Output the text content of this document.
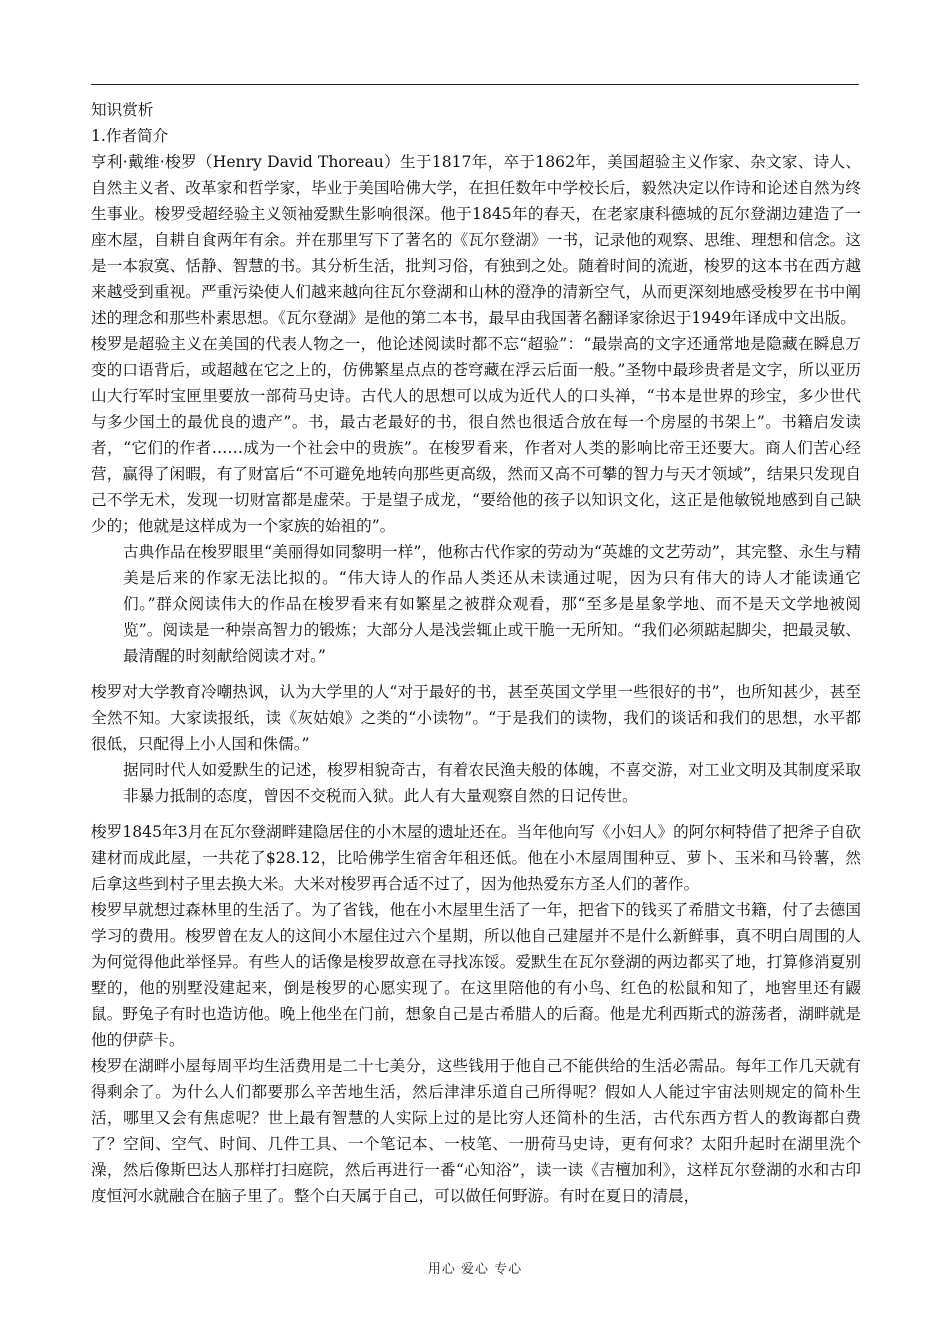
知识赏析

1.作者简介

亨利·戴维·梭罗（Henry David Thoreau）生于1817年，卒于1862年，美国超验主义作家、杂文家、诗人、自然主义者、改革家和哲学家，毕业于美国哈佛大学，在担任数年中学校长后，毅然决定以作诗和论述自然为终生事业。梭罗受超经验主义领袖爱默生影响很深。他于1845年的春天，在老家康科德城的瓦尔登湖边建造了一座木屋，自耕自食两年有余。并在那里写下了著名的《瓦尔登湖》一书，记录他的观察、思维、理想和信念。这是一本寂寞、恬静、智慧的书。其分析生活，批判习俗，有独到之处。随着时间的流逝，梭罗的这本书在西方越来越受到重视。严重污染使人们越来越向往瓦尔登湖和山林的澄净的清新空气，从而更深刻地感受梭罗在书中阐述的理念和那些朴素思想。《瓦尔登湖》是他的第二本书，最早由我国著名翻译家徐迟于1949年译成中文出版。

梭罗是超验主义在美国的代表人物之一，他论述阅读时都不忘“超验”：“最崇高的文字还通常地是隐藏在瞬息万变的口语背后，或超越在它之上的，仿佛繁星点点的苍穹藏在浮云后面一般。”圣物中最珍贵者是文字，所以亚历山大行军时宝匣里要放一部荷马史诗。古代人的思想可以成为近代人的口头禅，“书本是世界的珍宝，多少世代与多少国土的最优良的遗产”。书，最古老最好的书，很自然也很适合放在每一个房屋的书架上”。书籍启发读者，“它们的作者……成为一个社会中的贵族”。在梭罗看来，作者对人类的影响比帝王还要大。商人们苦心经营，赢得了闲暇，有了财富后“不可避免地转向那些更高级，然而又高不可攀的智力与天才领域”，结果只发现自己不学无术，发现一切财富都是虚荣。于是望子成龙，“要给他的孩子以知识文化，这正是他敏锐地感到自己缺少的；他就是这样成为一个家族的始祖的”。

古典作品在梭罗眼里“美丽得如同黎明一样”，他称古代作家的劳动为“英雄的文艺劳动”，其完整、永生与精美是后来的作家无法比拟的。“伟大诗人的作品人类还从未读通过呢，因为只有伟大的诗人才能读通它们。”群众阅读伟大的作品在梭罗看来有如繁星之被群众观看，那“至多是星象学地、而不是天文学地被阅览”。阅读是一种崇高智力的锻炼；大部分人是浅尝辄止或干脆一无所知。“我们必须踮起脚尖，把最灵敏、最清醒的时刻献给阅读才对。”

梭罗对大学教育冷嘲热讽，认为大学里的人“对于最好的书，甚至英国文学里一些很好的书”，也所知甚少，甚至全然不知。大家读报纸，读《灰姑娘》之类的“小读物”。“于是我们的读物，我们的谈话和我们的思想，水平都很低，只配得上小人国和侏儒。”

据同时代人如爱默生的记述，梭罗相貌奇古，有着农民渔夫般的体魄，不喜交游，对工业文明及其制度采取非暴力抵制的态度，曾因不交税而入狱。此人有大量观察自然的日记传世。

梭罗1845年3月在瓦尔登湖畔建隐居住的小木屋的遗址还在。当年他向写《小妇人》的阿尔柯特借了把斧子自砍建材而成此屋，一共花了$28.12，比哈佛学生宿舍年租还低。他在小木屋周围种豆、萝卜、玉米和马铃薯，然后拿这些到村子里去换大米。大米对梭罗再合适不过了，因为他热爱东方圣人们的著作。

梭罗早就想过森林里的生活了。为了省钱，他在小木屋里生活了一年，把省下的钱买了希腊文书籍，付了去德国学习的费用。梭罗曾在友人的这间小木屋住过六个星期，所以他自己建屋并不是什么新鲜事，真不明白周围的人为何觉得他此举怪异。有些人的话像是梭罗故意在寻找冻馁。爱默生在瓦尔登湖的两边都买了地，打算修消夏别墅的，他的别墅没建起来，倒是梭罗的心愿实现了。在这里陪他的有小鸟、红色的松鼠和知了，地窖里还有鼹鼠。野兔子有时也造访他。晚上他坐在门前，想象自己是古希腊人的后裔。他是尤利西斯式的游荡者，湖畔就是他的伊萨卡。

梭罗在湖畔小屋每周平均生活费用是二十七美分，这些钱用于他自己不能供给的生活必需品。每年工作几天就有得剩余了。为什么人们都要那么辛苦地生活，然后津津乐道自己所得呢？假如人人能过宇宙法则规定的简朴生活，哪里又会有焦虑呢？世上最有智慧的人实际上过的是比穷人还简朴的生活，古代东西方哲人的教诲都白费了？空间、空气、时间、几件工具、一个笔记本、一枝笔、一册荷马史诗，更有何求？太阳升起时在湖里洗个澡，然后像斯巴达人那样打扫庭院，然后再进行一番“心知浴”，读一读《吉檀加利》，这样瓦尔登湖的水和古印度恒河水就融合在脑子里了。整个白天属于自己，可以做任何野游。有时在夏日的清晨，

用心 爱心 专心
